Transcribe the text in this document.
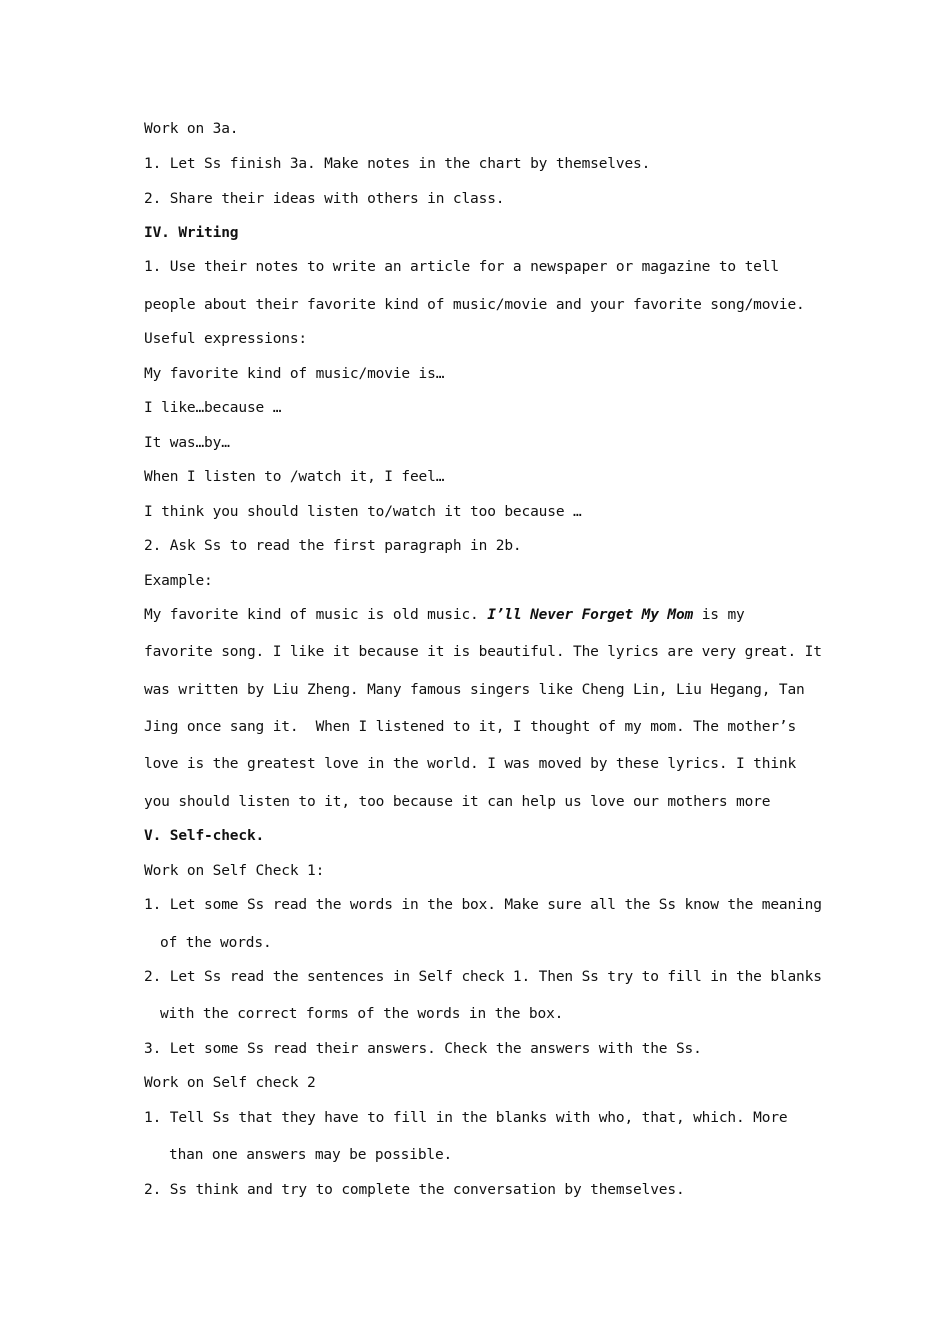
Work on 3a.
1. Let Ss finish 3a. Make notes in the chart by themselves.
2. Share their ideas with others in class.
IV. Writing
1. Use their notes to write an article for a newspaper or magazine to tell
people about their favorite kind of music/movie and your favorite song/movie.
Useful expressions:
My favorite kind of music/movie is…
I like…because …
It was…by…
When I listen to /watch it, I feel…
I think you should listen to/watch it too because …
2. Ask Ss to read the first paragraph in 2b.
Example:
My favorite kind of music is old music. I’ll Never Forget My Mom is my
favorite song. I like it because it is beautiful. The lyrics are very great. It
was written by Liu Zheng. Many famous singers like Cheng Lin, Liu Hegang, Tan
Jing once sang it.  When I listened to it, I thought of my mom. The mother’s
love is the greatest love in the world. I was moved by these lyrics. I think
you should listen to it, too because it can help us love our mothers more
V. Self-check.
Work on Self Check 1:
1. Let some Ss read the words in the box. Make sure all the Ss know the meaning
of the words.
2. Let Ss read the sentences in Self check 1. Then Ss try to fill in the blanks
with the correct forms of the words in the box.
3. Let some Ss read their answers. Check the answers with the Ss.
Work on Self check 2
1. Tell Ss that they have to fill in the blanks with who, that, which. More
than one answers may be possible.
2. Ss think and try to complete the conversation by themselves.
